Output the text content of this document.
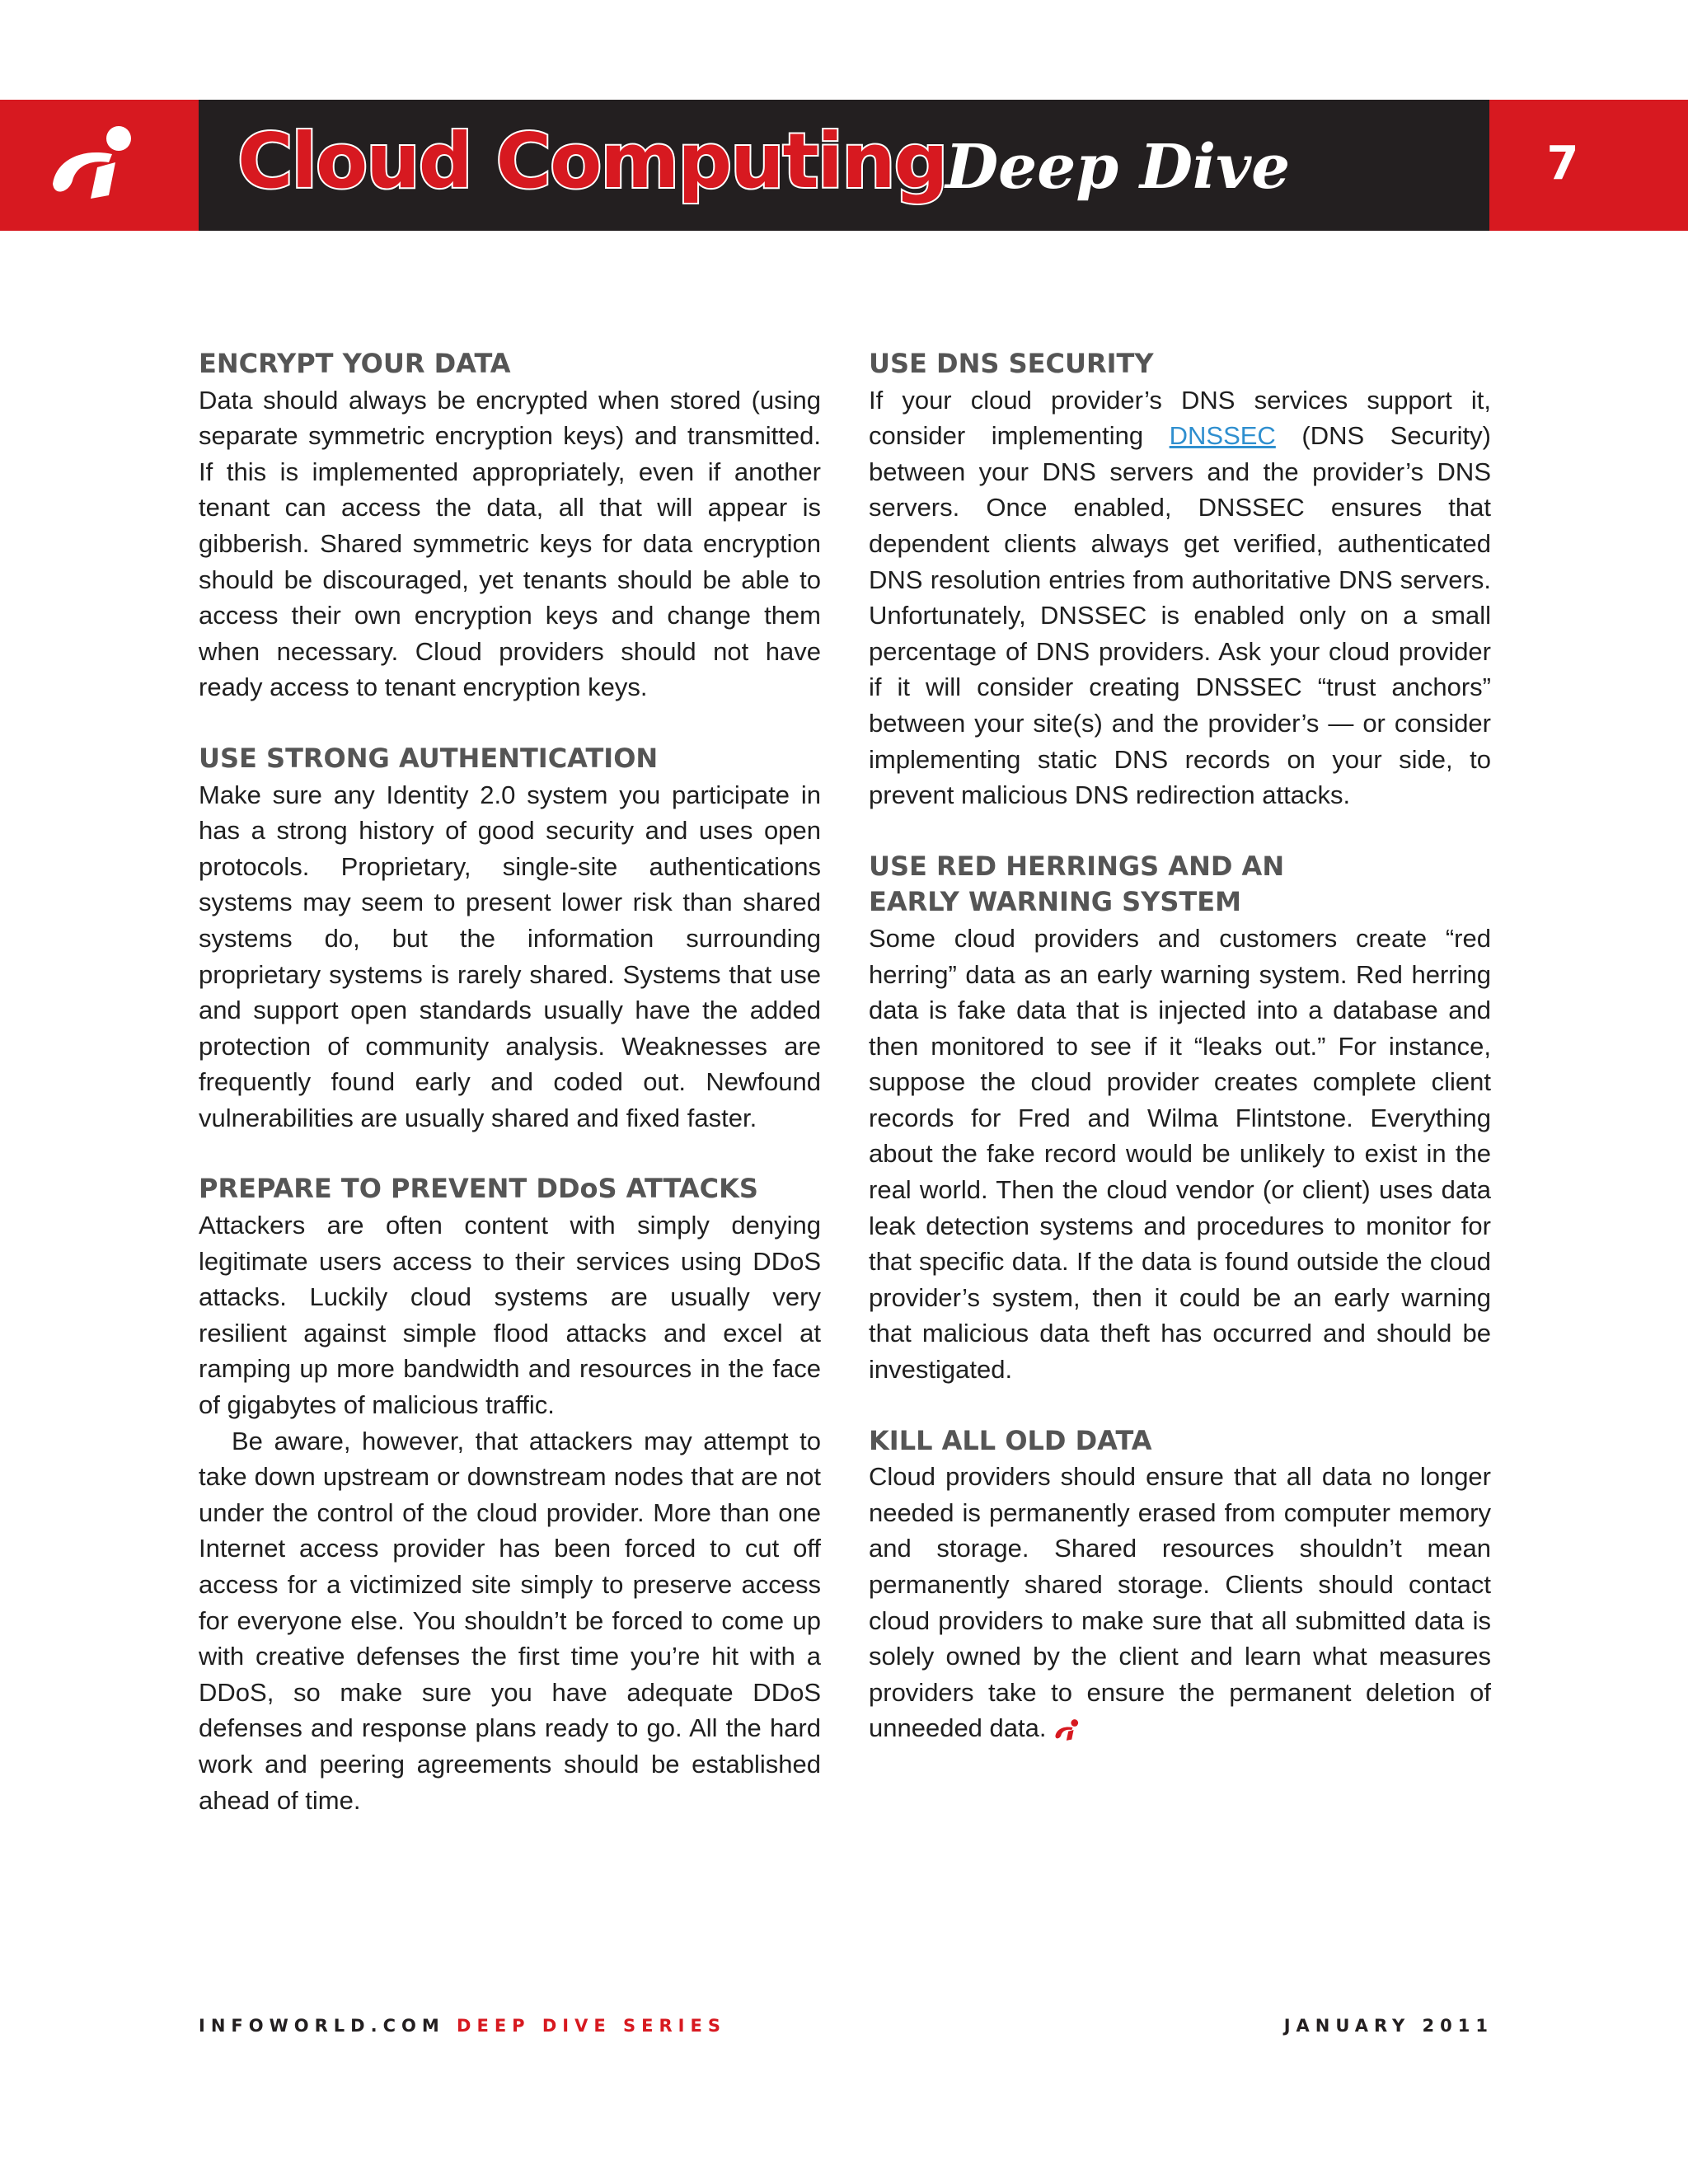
Cloud Computing
Deep Dive	7
ENCRYPT YOUR DATA

Data should always be encrypted when stored (using separate symmetric encryption keys) and transmitted. If this is implemented appropriately, even if another tenant can access the data, all that will appear is gibberish. Shared symmetric keys for data encryption should be discouraged, yet tenants should be able to access their own encryption keys and change them when necessary. Cloud providers should not have ready access to tenant encryption keys.

USE STRONG AUTHENTICATION

Make sure any Identity 2.0 system you participate in has a strong history of good security and uses open protocols. Proprietary, single-site authentications systems may seem to present lower risk than shared systems do, but the information surrounding proprietary systems is rarely shared. Systems that use and support open standards usually have the added protection of community analysis. Weaknesses are frequently found early and coded out. Newfound vulnerabilities are usually shared and fixed faster.

PREPARE TO PREVENT DDoS ATTACKS

Attackers are often content with simply denying legitimate users access to their services using DDoS attacks. Luckily cloud systems are usually very resilient against simple flood attacks and excel at ramping up more bandwidth and resources in the face of gigabytes of malicious traffic.

Be aware, however, that attackers may attempt to take down upstream or downstream nodes that are not under the control of the cloud provider. More than one Internet access provider has been forced to cut off access for a victimized site simply to preserve access for everyone else. You shouldn’t be forced to come up with creative defenses the first time you’re hit with a DDoS, so make sure you have adequate DDoS defenses and response plans ready to go. All the hard work and peering agreements should be established ahead of time.

USE DNS SECURITY

If your cloud provider’s DNS services support it, consider implementing DNSSEC (DNS Security) between your DNS servers and the provider’s DNS servers. Once enabled, DNSSEC ensures that dependent clients always get verified, authenticated DNS resolution entries from authoritative DNS servers. Unfortunately, DNSSEC is enabled only on a small percentage of DNS providers. Ask your cloud provider if it will consider creating DNSSEC “trust anchors” between your site(s) and the provider’s — or consider implementing static DNS records on your side, to prevent malicious DNS redirection attacks.

USE RED HERRINGS AND AN
EARLY WARNING SYSTEM

Some cloud providers and customers create “red herring” data as an early warning system. Red herring data is fake data that is injected into a database and then monitored to see if it “leaks out.” For instance, suppose the cloud provider creates complete client records for Fred and Wilma Flintstone. Everything about the fake record would be unlikely to exist in the real world. Then the cloud vendor (or client) uses data leak detection systems and procedures to monitor for that specific data. If the data is found outside the cloud provider’s system, then it could be an early warning that malicious data theft has occurred and should be investigated.

KILL ALL OLD DATA

Cloud providers should ensure that all data no longer needed is permanently erased from computer memory and storage. Shared resources shouldn’t mean permanently shared storage. Clients should contact cloud providers to make sure that all submitted data is solely owned by the client and learn what measures providers take to ensure the permanent deletion of unneeded data.

INFOWORLD.COM DEEP DIVE SERIES	JANUARY 2011
